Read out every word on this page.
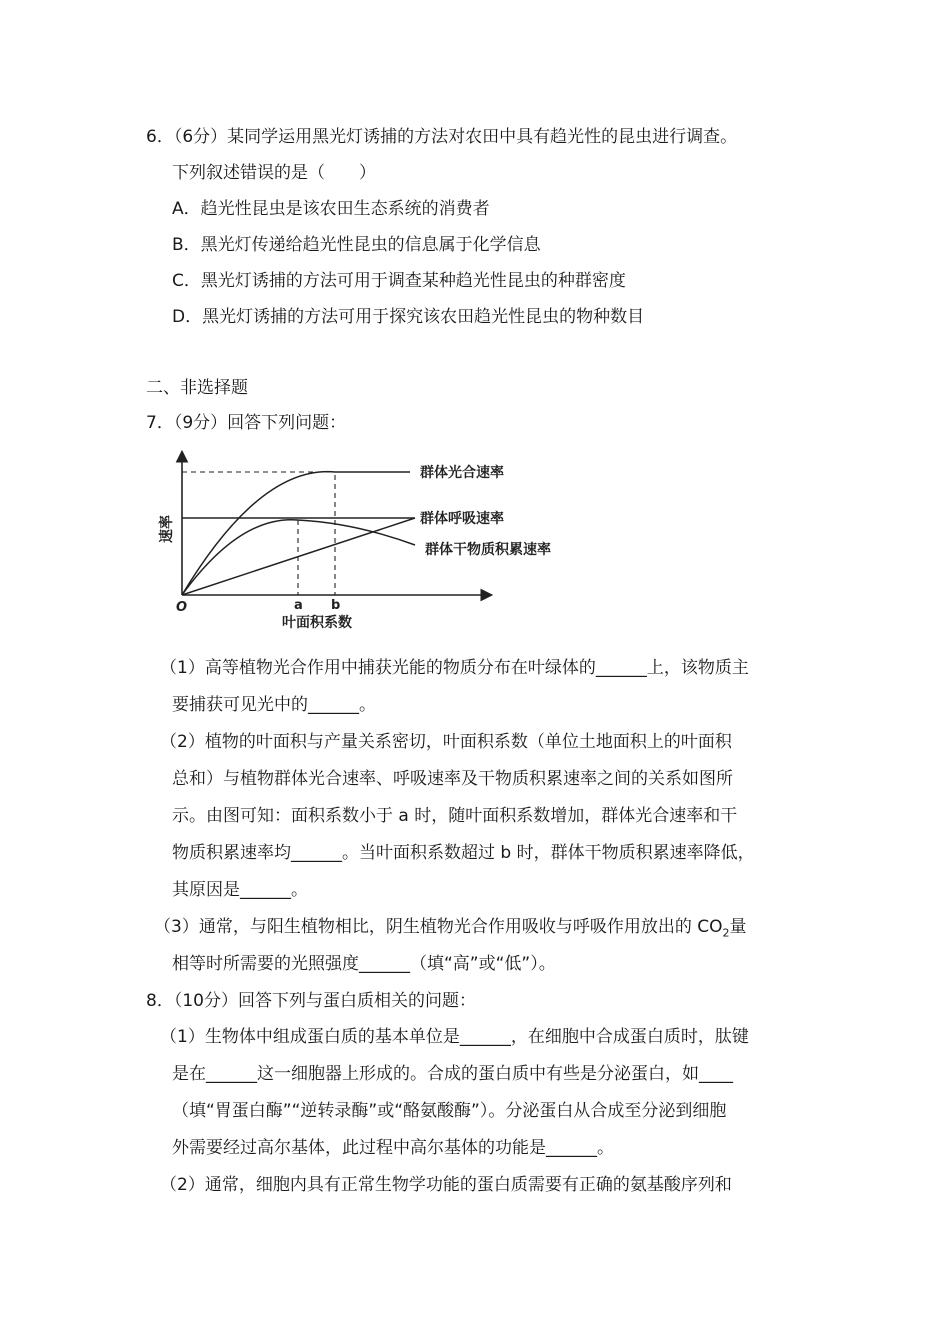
6．（6分）某同学运用黑光灯诱捕的方法对农田中具有趋光性的昆虫进行调查。
下列叙述错误的是（　　）
A．趋光性昆虫是该农田生态系统的消费者
B．黑光灯传递给趋光性昆虫的信息属于化学信息
C．黑光灯诱捕的方法可用于调查某种趋光性昆虫的种群密度
D．黑光灯诱捕的方法可用于探究该农田趋光性昆虫的物种数目
二、非选择题
7．（9分）回答下列问题：
群体光合速率
群体呼吸速率
群体干物质积累速率
速率
O	a b
叶面积系数
（1）高等植物光合作用中捕获光能的物质分布在叶绿体的______上，该物质主
要捕获可见光中的______。
（2）植物的叶面积与产量关系密切，叶面积系数（单位土地面积上的叶面积
总和）与植物群体光合速率、呼吸速率及干物质积累速率之间的关系如图所
示。由图可知：面积系数小于 a 时，随叶面积系数增加，群体光合速率和干
物质积累速率均______。当叶面积系数超过 b 时，群体干物质积累速率降低，
其原因是______。
（3）通常，与阳生植物相比，阴生植物光合作用吸收与呼吸作用放出的 $CO_2$量
相等时所需要的光照强度______（填“高”或“低”）。
8．（10分）回答下列与蛋白质相关的问题：
（1）生物体中组成蛋白质的基本单位是______，在细胞中合成蛋白质时，肽键
是在______这一细胞器上形成的。合成的蛋白质中有些是分泌蛋白，如____
（填“胃蛋白酶”“逆转录酶”或“酪氨酸酶”）。分泌蛋白从合成至分泌到细胞
外需要经过高尔基体，此过程中高尔基体的功能是______。
（2）通常，细胞内具有正常生物学功能的蛋白质需要有正确的氨基酸序列和
